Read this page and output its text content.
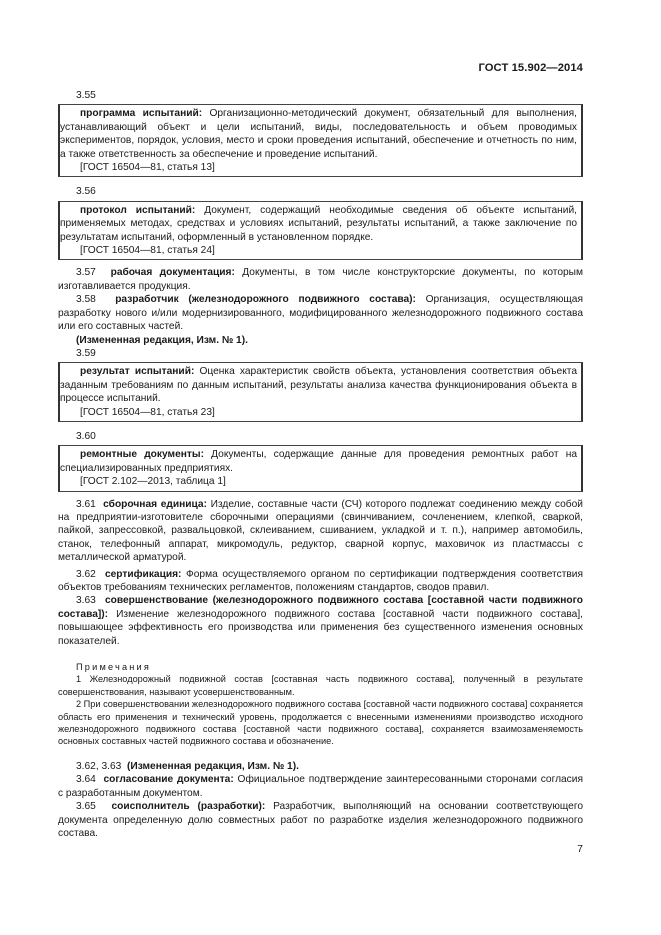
ГОСТ 15.902—2014

3.55

программа испытаний: Организационно-методический документ, обязательный для выполнения, устанавливающий объект и цели испытаний, виды, последовательность и объем проводимых экспериментов, порядок, условия, место и сроки проведения испытаний, обеспечение и отчетность по ним, а также ответственность за обеспечение и проведение испытаний.

[ГОСТ 16504—81, статья 13]

3.56

протокол испытаний: Документ, содержащий необходимые сведения об объекте испытаний, применяемых методах, средствах и условиях испытаний, результаты испытаний, а также заключение по результатам испытаний, оформленный в установленном порядке.

[ГОСТ 16504—81, статья 24]

3.57 рабочая документация: Документы, в том числе конструкторские документы, по которым изготавливается продукция.

3.58 разработчик (железнодорожного подвижного состава): Организация, осуществляющая разработку нового и/или модернизированного, модифицированного железнодорожного подвижного состава или его составных частей.

(Измененная редакция, Изм. № 1).

3.59

результат испытаний: Оценка характеристик свойств объекта, установления соответствия объекта заданным требованиям по данным испытаний, результаты анализа качества функционирования объекта в процессе испытаний.

[ГОСТ 16504—81, статья 23]

3.60

ремонтные документы: Документы, содержащие данные для проведения ремонтных работ на специализированных предприятиях.

[ГОСТ 2.102—2013, таблица 1]

3.61 сборочная единица: Изделие, составные части (СЧ) которого подлежат соединению между собой на предприятии-изготовителе сборочными операциями (свинчиванием, сочленением, клепкой, сваркой, пайкой, запрессовкой, развальцовкой, склеиванием, сшиванием, укладкой и т. п.), например автомобиль, станок, телефонный аппарат, микромодуль, редуктор, сварной корпус, маховичок из пластмассы с металлической арматурой.

3.62 сертификация: Форма осуществляемого органом по сертификации подтверждения соответствия объектов требованиям технических регламентов, положениям стандартов, сводов правил.

3.63 совершенствование (железнодорожного подвижного состава [составной части подвижного состава]): Изменение железнодорожного подвижного состава [составной части подвижного состава], повышающее эффективность его производства или применения без существенного изменения основных показателей.

Примечания

1 Железнодорожный подвижной состав [составная часть подвижного состава], полученный в результате совершенствования, называют усовершенствованным.

2 При совершенствовании железнодорожного подвижного состава [составной части подвижного состава] сохраняется область его применения и технический уровень, продолжается с внесенными изменениями производство исходного железнодорожного подвижного состава [составной части подвижного состава], сохраняется взаимозаменяемость основных составных частей подвижного состава и обозначение.

3.62, 3.63 (Измененная редакция, Изм. № 1).

3.64 согласование документа: Официальное подтверждение заинтересованными сторонами согласия с разработанным документом.

3.65 соисполнитель (разработки): Разработчик, выполняющий на основании соответствующего документа определенную долю совместных работ по разработке изделия железнодорожного подвижного состава.

7
